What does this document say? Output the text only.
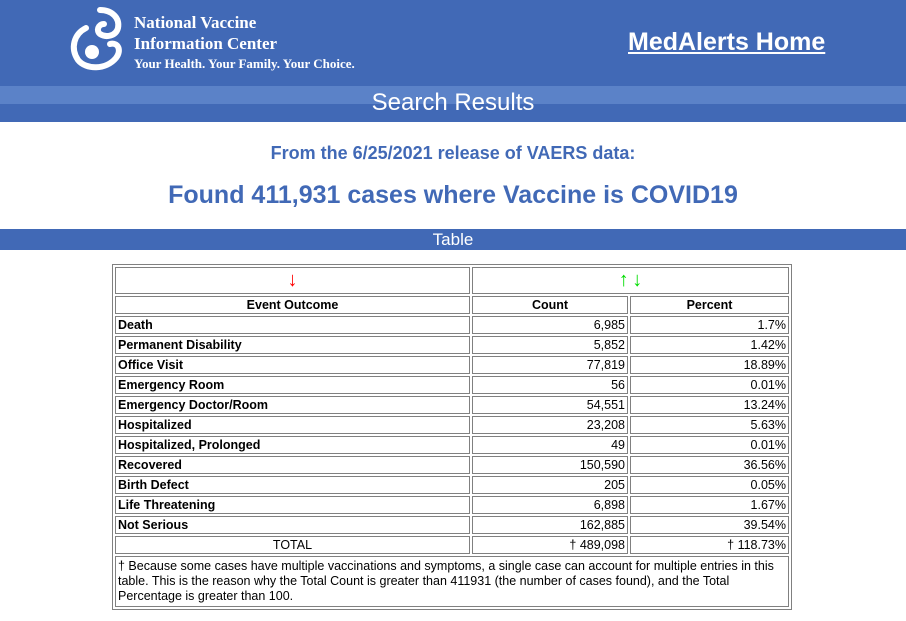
National Vaccine
Information Center
Your Health. Your Family. Your Choice.
MedAlerts Home
Search Results
From the 6/25/2021 release of VAERS data:
Found 411,931 cases where Vaccine is COVID19
Table
↓	↑ ↓	
Event Outcome	Count	Percent
Death	6,985	1.7%
Permanent Disability	5,852	1.42%
Office Visit	77,819	18.89%
Emergency Room	56	0.01%
Emergency Doctor/Room	54,551	13.24%
Hospitalized	23,208	5.63%
Hospitalized, Prolonged	49	0.01%
Recovered	150,590	36.56%
Birth Defect	205	0.05%
Life Threatening	6,898	1.67%
Not Serious	162,885	39.54%
TOTAL	† 489,098	† 118.73%
† Because some cases have multiple vaccinations and symptoms, a single case can account for multiple entries in this table. This is the reason why the Total Count is greater than 411931 (the number of cases found), and the Total Percentage is greater than 100.		
